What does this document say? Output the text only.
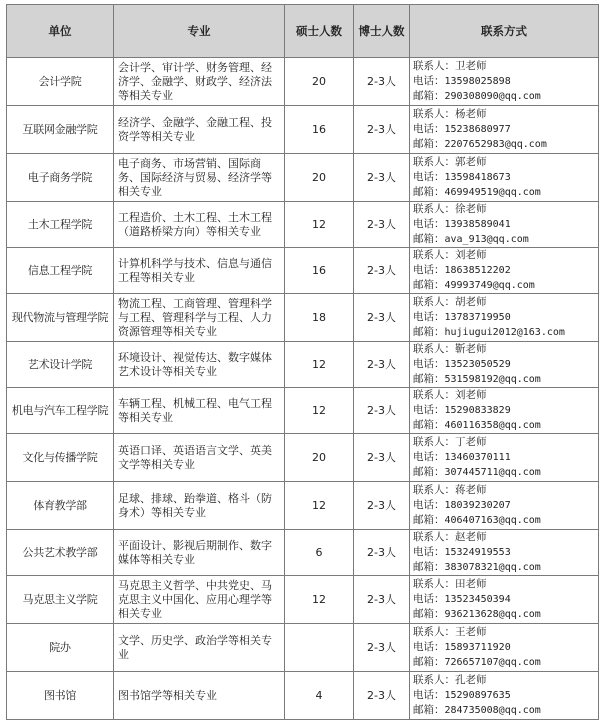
单位	专业	硕士人数	博士人数	联系方式
会计学院	会计学、审计学、财务管理、经济学、金融学、财政学、经济法等相关专业	20	2-3人	联系人：卫老师
电话：13598025898
邮箱：290308090@qq.com

互联网金融学院	经济学、金融学、金融工程、投资学等相关专业	16	2-3人	联系人：杨老师
电话：15238680977
邮箱：2207652983@qq.com

电子商务学院	电子商务、市场营销、国际商务、国际经济与贸易、经济学等相关专业	20	2-3人	联系人：郭老师
电话：13598418673
邮箱：469949519@qq.com

土木工程学院	工程造价、土木工程、土木工程（道路桥梁方向）等相关专业	12	2-3人	联系人：徐老师
电话：13938589041
邮箱：ava_913@qq.com

信息工程学院	计算机科学与技术、信息与通信工程等相关专业	16	2-3人	联系人：刘老师
电话：18638512202
邮箱：49993749@qq.com

现代物流与管理学院	物流工程、工商管理、管理科学与工程、管理科学与工程、人力资源管理等相关专业	18	2-3人	联系人：胡老师
电话：13783719950
邮箱：hujiugui2012@163.com

艺术设计学院	环境设计、视觉传达、数字媒体艺术设计等相关专业	12	2-3人	联系人：靳老师
电话：13523050529
邮箱：531598192@qq.com

机电与汽车工程学院	车辆工程、机械工程、电气工程等相关专业	12	2-3人	联系人：刘老师
电话：15290833829
邮箱：460116358@qq.com

文化与传播学院	英语口译、英语语言文学、英美文学等相关专业	20	2-3人	联系人：丁老师
电话：13460370111
邮箱：307445711@qq.com

体育教学部	足球、排球、跆拳道、格斗（防身术）等相关专业	12	2-3人	联系人：蒋老师
电话：18039230207
邮箱：406407163@qq.com

公共艺术教学部	平面设计、影视后期制作、数字媒体等相关专业	6	2-3人	联系人：赵老师
电话：15324919553
邮箱：383078321@qq.com

马克思主义学院	马克思主义哲学、中共党史、马克思主义中国化、应用心理学等相关专业	12	2-3人	联系人：田老师
电话：13523450394
邮箱：936213628@qq.com

院办	文学、历史学、政治学等相关专业		2-3人	联系人：王老师
电话：15893711920
邮箱：726657107@qq.com

图书馆	图书馆学等相关专业	4	2-3人	联系人：孔老师
电话：15290897635
邮箱：284735008@qq.com
